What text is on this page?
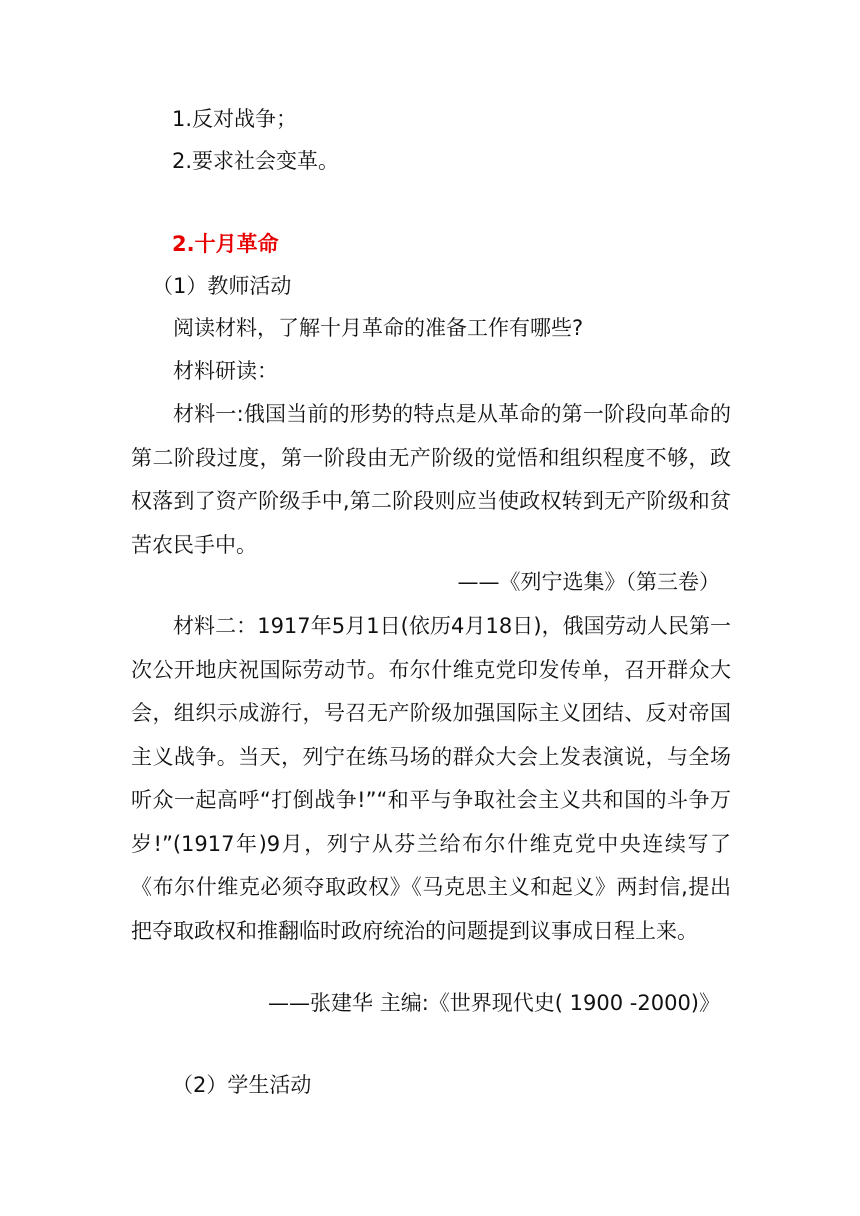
1.反对战争；
2.要求社会变革。
2.十月革命
（1）教师活动
阅读材料，了解十月革命的准备工作有哪些?
材料研读：
材料一:俄国当前的形势的特点是从革命的第一阶段向革命的第二阶段过度，第一阶段由无产阶级的觉悟和组织程度不够，政权落到了资产阶级手中,第二阶段则应当使政权转到无产阶级和贫苦农民手中。
——《列宁选集》（第三卷）
材料二：1917年5月1日(依历4月18日)，俄国劳动人民第一次公开地庆祝国际劳动节。布尔什维克党印发传单，召开群众大会，组织示成游行，号召无产阶级加强国际主义团结、反对帝国主义战争。当天，列宁在练马场的群众大会上发表演说，与全场听众一起高呼“打倒战争!”“和平与争取社会主义共和国的斗争万岁!”(1917年)9月，列宁从芬兰给布尔什维克党中央连续写了《布尔什维克必须夺取政权》《马克思主义和起义》两封信,提出把夺取政权和推翻临时政府统治的问题提到议事成日程上来。
——张建华 主编:《世界现代史( 1900 -2000)》
（2）学生活动
